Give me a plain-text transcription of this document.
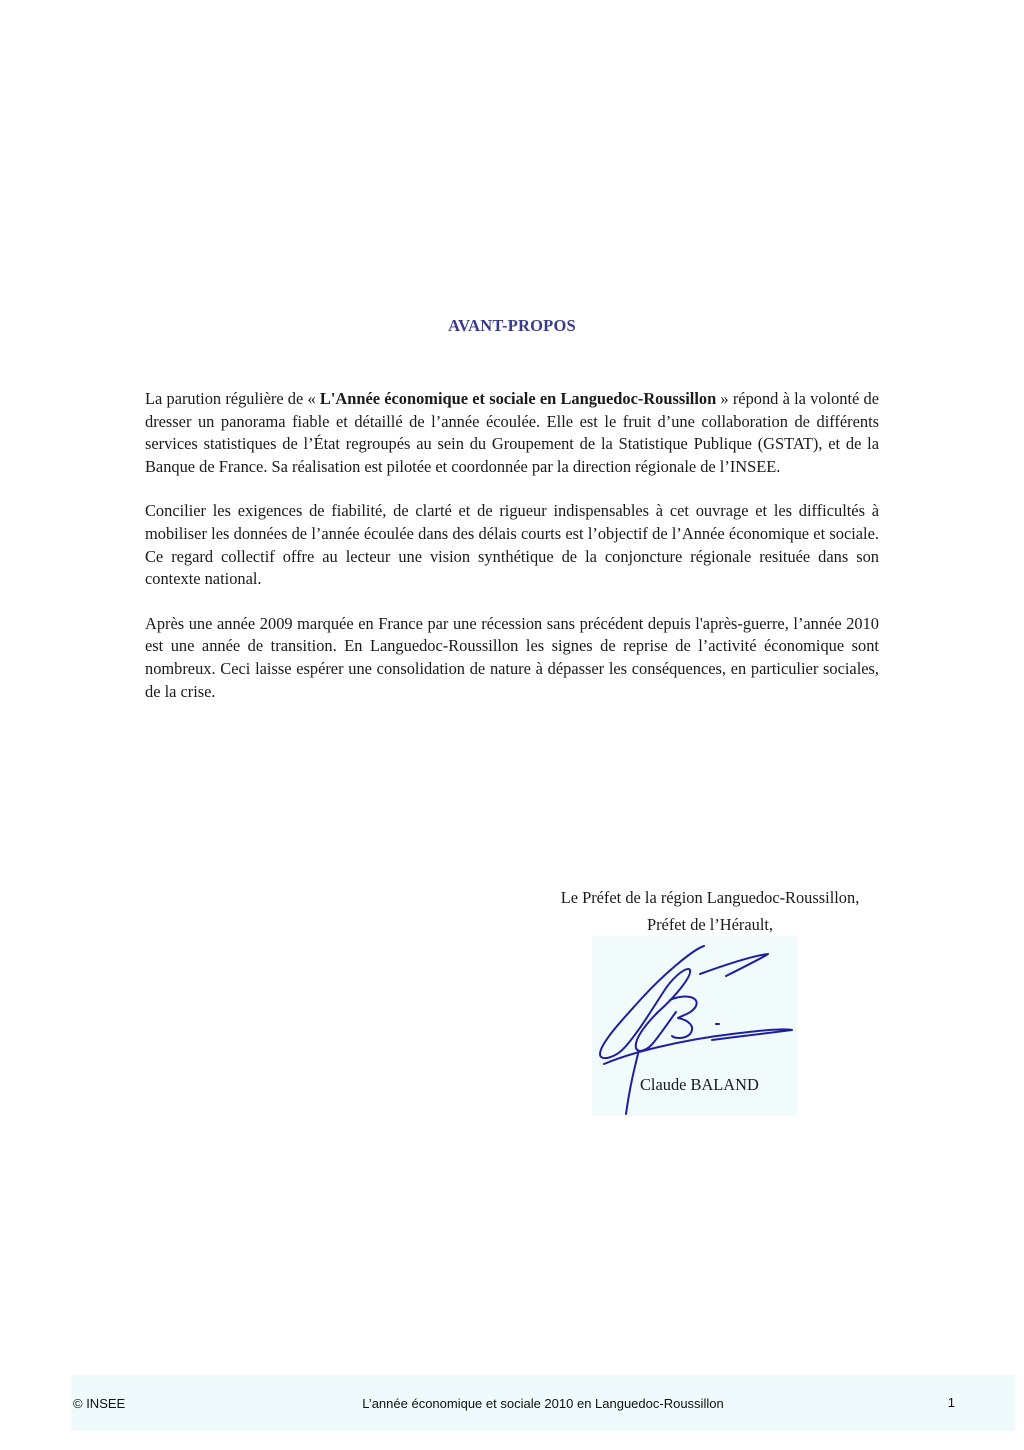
AVANT-PROPOS

La parution régulière de « L'Année économique et sociale en Languedoc-Roussillon » répond à la volonté de dresser un panorama fiable et détaillé de l’année écoulée. Elle est le fruit d’une collaboration de différents services statistiques de l’État regroupés au sein du Groupement de la Statistique Publique (GSTAT), et de la Banque de France. Sa réalisation est pilotée et coordonnée par la direction régionale de l’INSEE.

Concilier les exigences de fiabilité, de clarté et de rigueur indispensables à cet ouvrage et les difficultés à mobiliser les données de l’année écoulée dans des délais courts est l’objectif de l’Année économique et sociale. Ce regard collectif offre au lecteur une vision synthétique de la conjoncture régionale resituée dans son contexte national.

Après une année 2009 marquée en France par une récession sans précédent depuis l'après-guerre, l’année 2010 est une année de transition. En Languedoc-Roussillon les signes de reprise de l’activité économique sont nombreux. Ceci laisse espérer une consolidation de nature à dépasser les conséquences, en particulier sociales, de la crise.

Le Préfet de la région Languedoc-Roussillon,
Préfet de l’Hérault,
Claude BALAND
© INSEE	L’année économique et sociale 2010 en Languedoc-Roussillon	1
